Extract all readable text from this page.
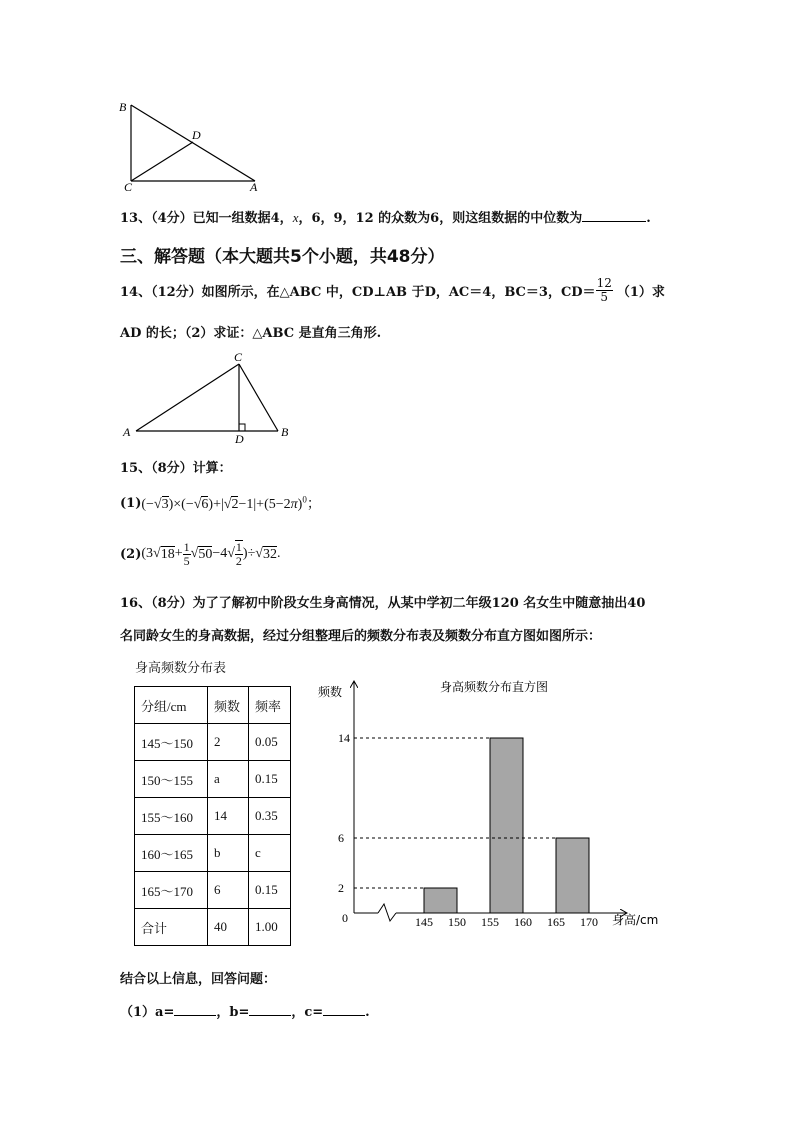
B
D
C	A
13、（4分）已知一组数据4，x，6，9，12 的众数为6，则这组数据的中位数为	.
三、解答题（本大题共5个小题，共48分）
14、（12分）如图所示，在△ABC 中，CD⊥AB 于D，AC＝4，BC＝3，$CD= \frac{12}{5} (1)$求
AD 的长；（2）求证：△ABC 是直角三角形.
C
A	D	B
15、（8分）计算：
(1) $(-√3)\times(-√6)+|√2-1|+(5-2\pi)^0$；
(2) (3√ $18 + \frac{1}{5}$ √ $50 -4√ \frac{1}{2}$ )÷√ 32 .
16、（8分）为了了解初中阶段女生身高情况，从某中学初二年级120 名女生中随意抽出40
名同龄女生的身高数据，经过分组整理后的频数分布表及频数分布直方图如图所示：
身高频数分布表
分组/cm	频数	频率
145～150	2	0.05
150～155	a	0.15
155～160	14	0.35
160～165	b	c
165～170	6	0.15
合计	40	1.00
身高频数分布直方图
频数
0	身高/cm
2
14
6
145 150 155 160 165 170
结合以上信息，回答问题：
（1）a=	，b=	，c=	.
